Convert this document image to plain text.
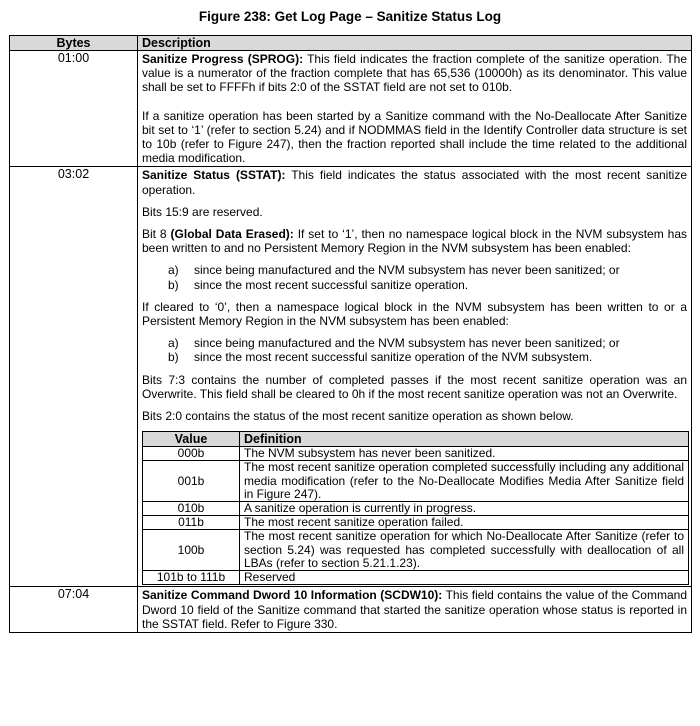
Figure 238: Get Log Page – Sanitize Status Log
Bytes	Description
01:00	Sanitize Progress (SPROG): This field indicates the fraction complete of the sanitize operation. The value is a numerator of the fraction complete that has 65,536 (10000h) as its denominator. This value shall be set to FFFFh if bits 2:0 of the SSTAT field are not set to 010b.

If a sanitize operation has been started by a Sanitize command with the No-Deallocate After Sanitize bit set to ‘1’ (refer to section 5.24) and if NODMMAS field in the Identify Controller data structure is set to 10b (refer to Figure 247), then the fraction reported shall include the time related to the additional media modification.

03:02	Sanitize Status (SSTAT): This field indicates the status associated with the most recent sanitize operation.

Bits 15:9 are reserved.

Bit 8 (Global Data Erased): If set to ‘1’, then no namespace logical block in the NVM subsystem has been written to and no Persistent Memory Region in the NVM subsystem has been enabled:

a)	since being manufactured and the NVM subsystem has never been sanitized; or
b)	since the most recent successful sanitize operation.

If cleared to ‘0’, then a namespace logical block in the NVM subsystem has been written to or a Persistent Memory Region in the NVM subsystem has been enabled:

a)	since being manufactured and the NVM subsystem has never been sanitized; or
b)	since the most recent successful sanitize operation of the NVM subsystem.

Bits 7:3 contains the number of completed passes if the most recent sanitize operation was an Overwrite. This field shall be cleared to 0h if the most recent sanitize operation was not an Overwrite.

Bits 2:0 contains the status of the most recent sanitize operation as shown below.

Value	Definition
000b	The NVM subsystem has never been sanitized.
001b	The most recent sanitize operation completed successfully including any additional media modification (refer to the No-Deallocate Modifies Media After Sanitize field in Figure 247).
010b	A sanitize operation is currently in progress.
011b	The most recent sanitize operation failed.
100b	The most recent sanitize operation for which No-Deallocate After Sanitize (refer to section 5.24) was requested has completed successfully with deallocation of all LBAs (refer to section 5.21.1.23).
101b to 111b	Reserved

07:04	Sanitize Command Dword 10 Information (SCDW10): This field contains the value of the Command Dword 10 field of the Sanitize command that started the sanitize operation whose status is reported in the SSTAT field. Refer to Figure 330.
